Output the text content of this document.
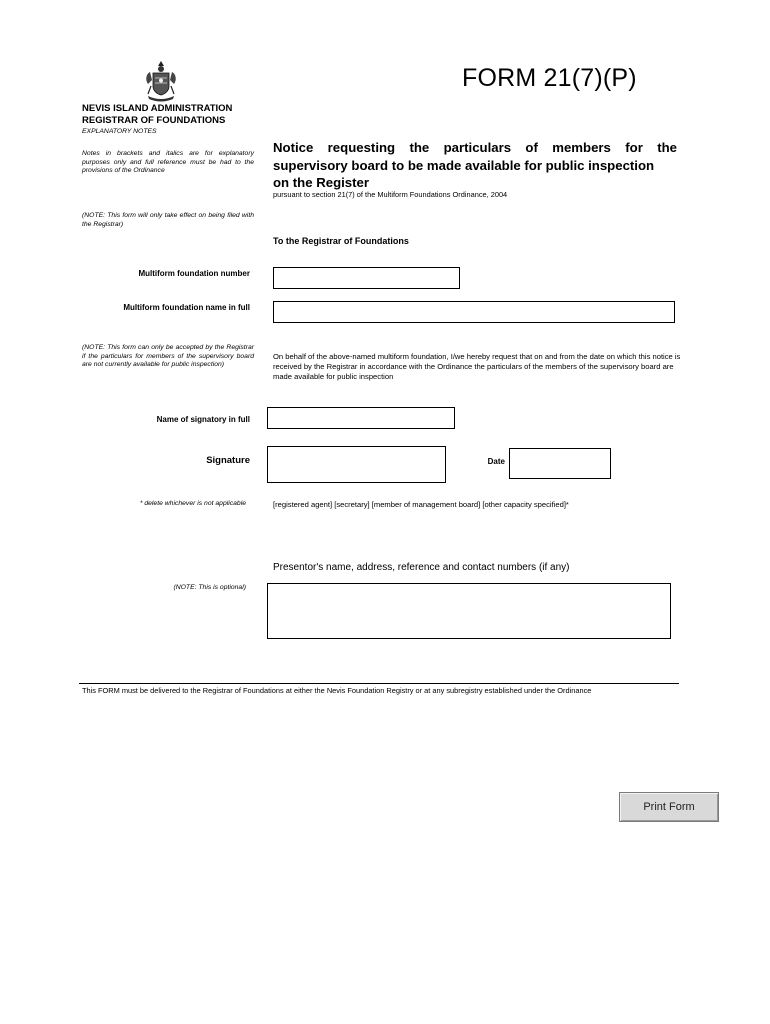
FORM 21(7)(P)
NEVIS ISLAND ADMINISTRATION
REGISTRAR OF FOUNDATIONS
EXPLANATORY NOTES
Notes in brackets and italics are for explanatory purposes only and full reference must be had to the provisions of the Ordinance
(NOTE: This form will only take effect on being filed with the Registrar)
Notice requesting the particulars of members for the
supervisory board to be made available for public inspection
on the Register
pursuant to section 21(7) of the Multiform Foundations Ordinance, 2004
To the Registrar of Foundations
Multiform foundation number
Multiform foundation name in full
(NOTE: This form can only be accepted by the Registrar if the particulars for members of the supervisory board are not currently available for public inspection)
On behalf of the above-named multiform foundation, I/we hereby request that on and from the date on which this notice is received by the Registrar in accordance with the Ordinance the particulars of the members of the supervisory board are made available for public inspection
Name of signatory in full
Signature	Date
* delete whichever is not applicable	[registered agent] [secretary] [member of management board] [other capacity specified]*
Presentor's name, address, reference and contact numbers (if any)
(NOTE: This is optional)
This FORM must be delivered to the Registrar of Foundations at either the Nevis Foundation Registry or at any subregistry established under the Ordinance
Print Form
